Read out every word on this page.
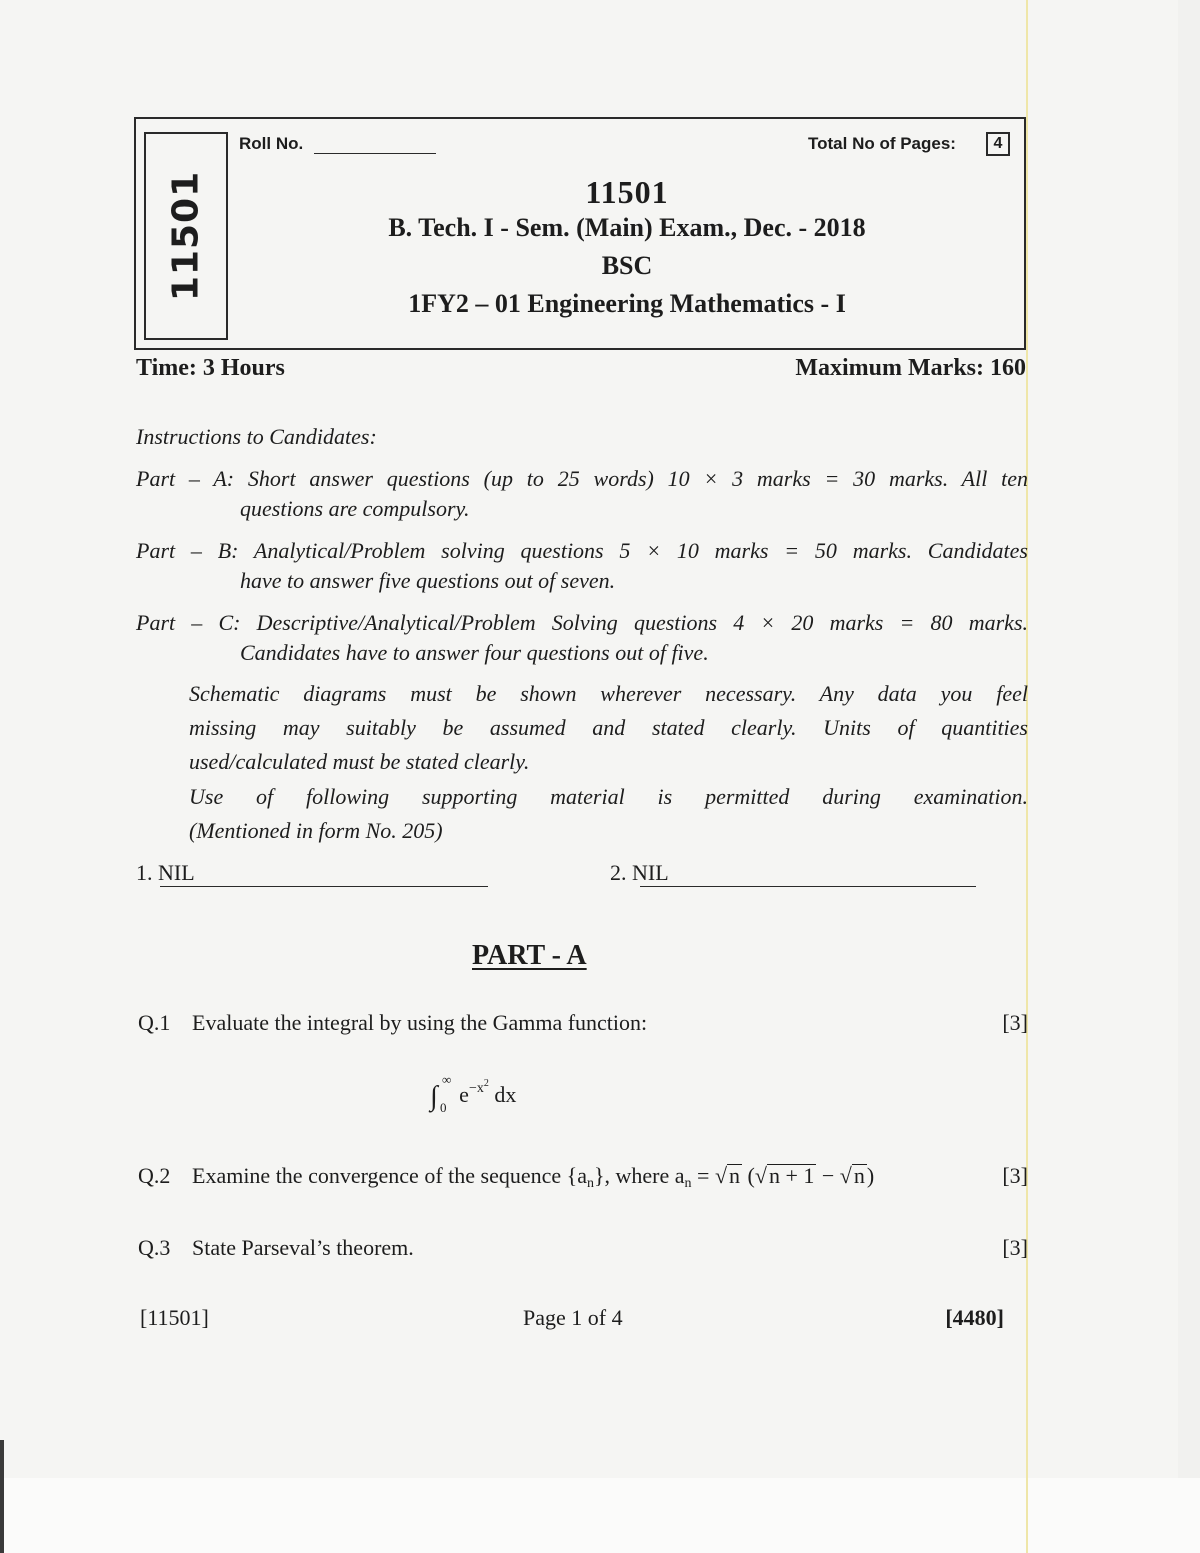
11501
Roll No.	Total No of Pages:	4
11501
B. Tech. I - Sem. (Main) Exam., Dec. - 2018
BSC
1FY2 – 01 Engineering Mathematics - I
Time: 3 Hours	Maximum Marks: 160
Instructions to Candidates:
Part – A: Short answer questions (up to 25 words) 10 × 3 marks = 30 marks. All ten
questions are compulsory.
Part – B: Analytical/Problem solving questions 5 × 10 marks = 50 marks. Candidates
have to answer five questions out of seven.
Part – C: Descriptive/Analytical/Problem Solving questions 4 × 20 marks = 80 marks.
Candidates have to answer four questions out of five.
Schematic diagrams must be shown wherever necessary. Any data you feel
missing may suitably be assumed and stated clearly. Units of quantities
used/calculated must be stated clearly.
Use of following supporting material is permitted during examination.
(Mentioned in form No. 205)
1. NIL	2. NIL
PART - A
Q.1 Evaluate the integral by using the Gamma function:	[3]
∫
∞
0
$e^{-x^2}$ dx
Q.2 Examine the convergence of the sequence {an}, where an = √n (√n + 1 − √n)	[3]
Q.3 State Parseval’s theorem.	[3]
[11501]	Page 1 of 4	[4480]
